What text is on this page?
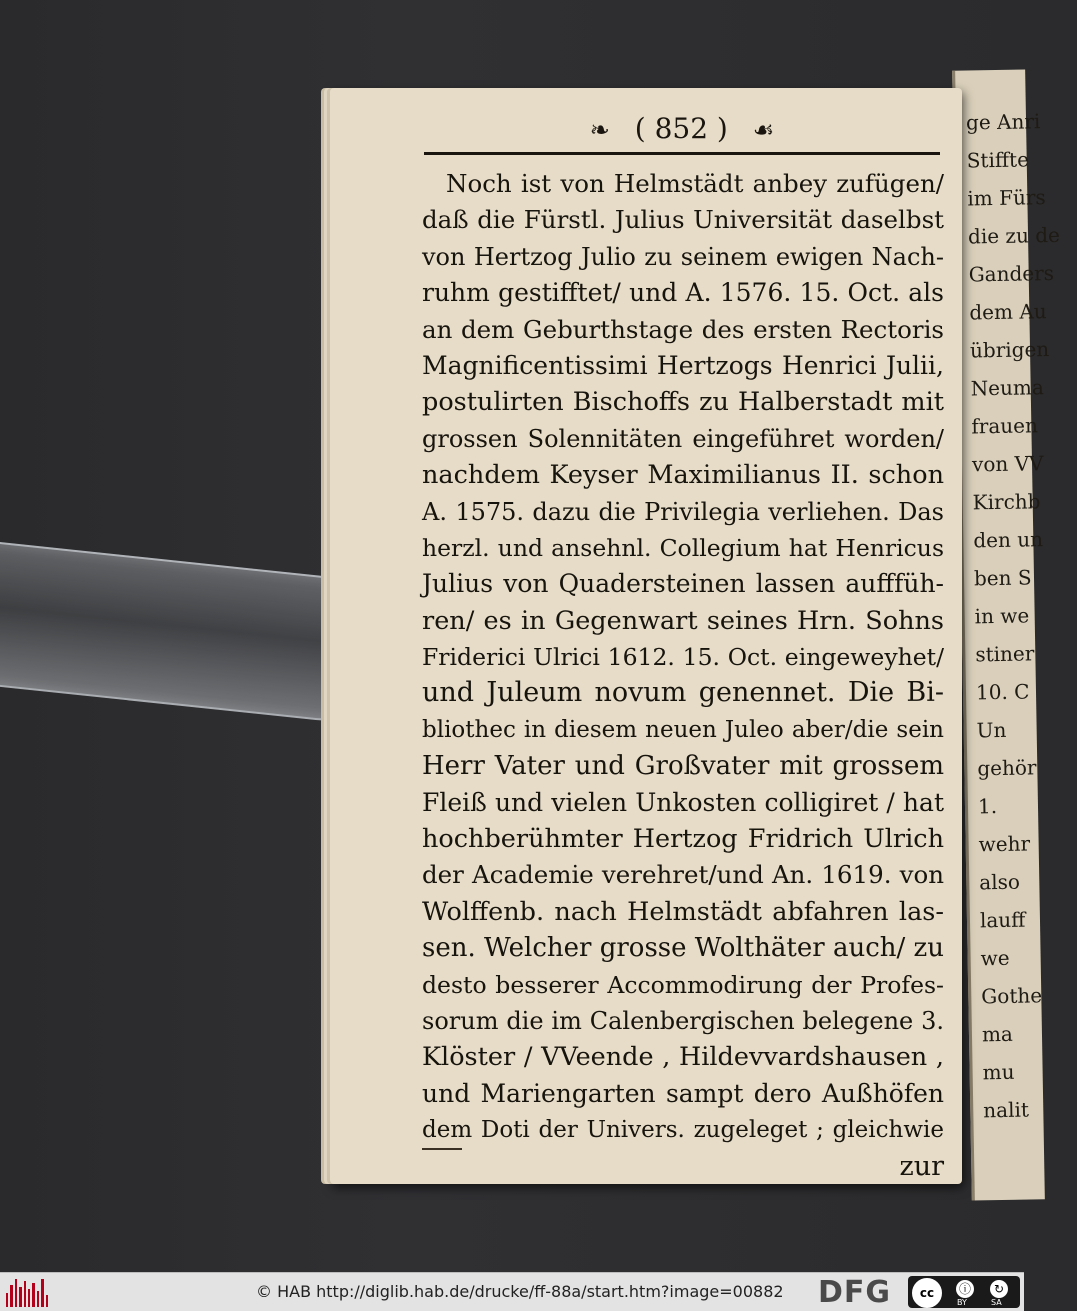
ge Anri
Stiffte
im Fürs
die zu de
Ganders
dem Au
übrigen
Neuma
frauen
von VV
Kirchb
den un
ben S
in we
stiner
10. C
Un
gehör
1.
wehr
also
lauff
we
Gothe
ma
mu
nalit
❧ ( 852 ) ☙
Noch ist von Helmstädt anbey zufügen/
daß die Fürstl. Julius Universität daselbst
von Hertzog Julio zu seinem ewigen Nach-
ruhm gestifftet/ und A. 1576. 15. Oct. als
an dem Geburthstage des ersten Rectoris
Magnificentissimi Hertzogs Henrici Julii,
postulirten Bischoffs zu Halberstadt mit
grossen Solennitäten eingeführet worden/
nachdem Keyser Maximilianus II. schon
A. 1575. dazu die Privilegia verliehen. Das
herzl. und ansehnl. Collegium hat Henricus
Julius von Quadersteinen lassen aufffüh-
ren/ es in Gegenwart seines Hrn. Sohns
Friderici Ulrici 1612. 15. Oct. eingeweyhet/
und Juleum novum genennet. Die Bi-
bliothec in diesem neuen Juleo aber/die sein
Herr Vater und Großvater mit grossem
Fleiß und vielen Unkosten colligiret / hat
hochberühmter Hertzog Fridrich Ulrich
der Academie verehret/und An. 1619. von
Wolffenb. nach Helmstädt abfahren las-
sen. Welcher grosse Wolthäter auch/ zu
desto besserer Accommodirung der Profes-
sorum die im Calenbergischen belegene 3.
Klöster / VVeende , Hildevvardshausen ,
und Mariengarten sampt dero Außhöfen
dem Doti der Univers. zugeleget ; gleichwie
zur
© HAB http://diglib.hab.de/drucke/ff-88a/start.htm?image=00882 DFG	cc	ⓘ	↻
BY	SA
